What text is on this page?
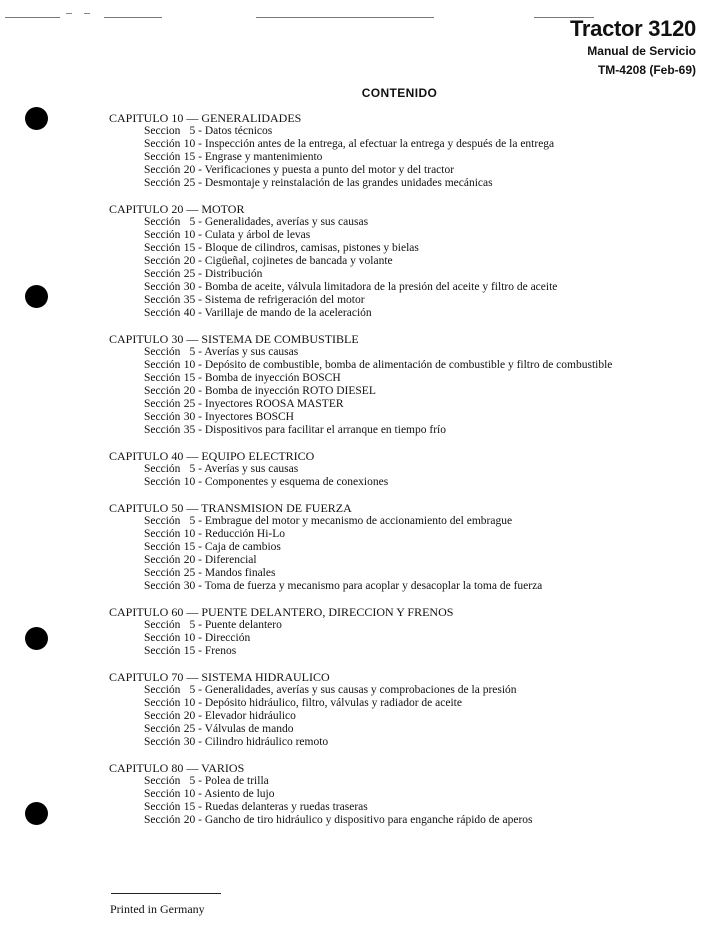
Tractor 3120
Manual de Servicio
TM-4208 (Feb-69)
CONTENIDO
CAPITULO 10 — GENERALIDADES
Seccion 5 - Datos técnicos
Sección 10 - Inspección antes de la entrega, al efectuar la entrega y después de la entrega
Sección 15 - Engrase y mantenimiento
Sección 20 - Verificaciones y puesta a punto del motor y del tractor
Sección 25 - Desmontaje y reinstalación de las grandes unidades mecánicas
CAPITULO 20 — MOTOR
Sección 5 - Generalidades, averías y sus causas
Sección 10 - Culata y árbol de levas
Sección 15 - Bloque de cilindros, camisas, pistones y bielas
Sección 20 - Cigüeñal, cojinetes de bancada y volante
Sección 25 - Distribución
Sección 30 - Bomba de aceite, válvula limitadora de la presión del aceite y filtro de aceite
Sección 35 - Sistema de refrigeración del motor
Sección 40 - Varillaje de mando de la aceleración
CAPITULO 30 — SISTEMA DE COMBUSTIBLE
Sección 5 - Averías y sus causas
Sección 10 - Depósito de combustible, bomba de alimentación de combustible y filtro de combustible
Sección 15 - Bomba de inyección BOSCH
Sección 20 - Bomba de inyección ROTO DIESEL
Sección 25 - Inyectores ROOSA MASTER
Sección 30 - Inyectores BOSCH
Sección 35 - Dispositivos para facilitar el arranque en tiempo frío
CAPITULO 40 — EQUIPO ELECTRICO
Sección 5 - Averías y sus causas
Sección 10 - Componentes y esquema de conexiones
CAPITULO 50 — TRANSMISION DE FUERZA
Sección 5 - Embrague del motor y mecanismo de accionamiento del embrague
Sección 10 - Reducción Hi-Lo
Sección 15 - Caja de cambios
Sección 20 - Diferencial
Sección 25 - Mandos finales
Sección 30 - Toma de fuerza y mecanismo para acoplar y desacoplar la toma de fuerza
CAPITULO 60 — PUENTE DELANTERO, DIRECCION Y FRENOS
Sección 5 - Puente delantero
Sección 10 - Dirección
Sección 15 - Frenos
CAPITULO 70 — SISTEMA HIDRAULICO
Sección 5 - Generalidades, averías y sus causas y comprobaciones de la presión
Sección 10 - Depósito hidráulico, filtro, válvulas y radiador de aceite
Sección 20 - Elevador hidráulico
Sección 25 - Válvulas de mando
Sección 30 - Cilindro hidráulico remoto
CAPITULO 80 — VARIOS
Sección 5 - Polea de trilla
Sección 10 - Asiento de lujo
Sección 15 - Ruedas delanteras y ruedas traseras
Sección 20 - Gancho de tiro hidráulico y dispositivo para enganche rápido de aperos
Printed in Germany
